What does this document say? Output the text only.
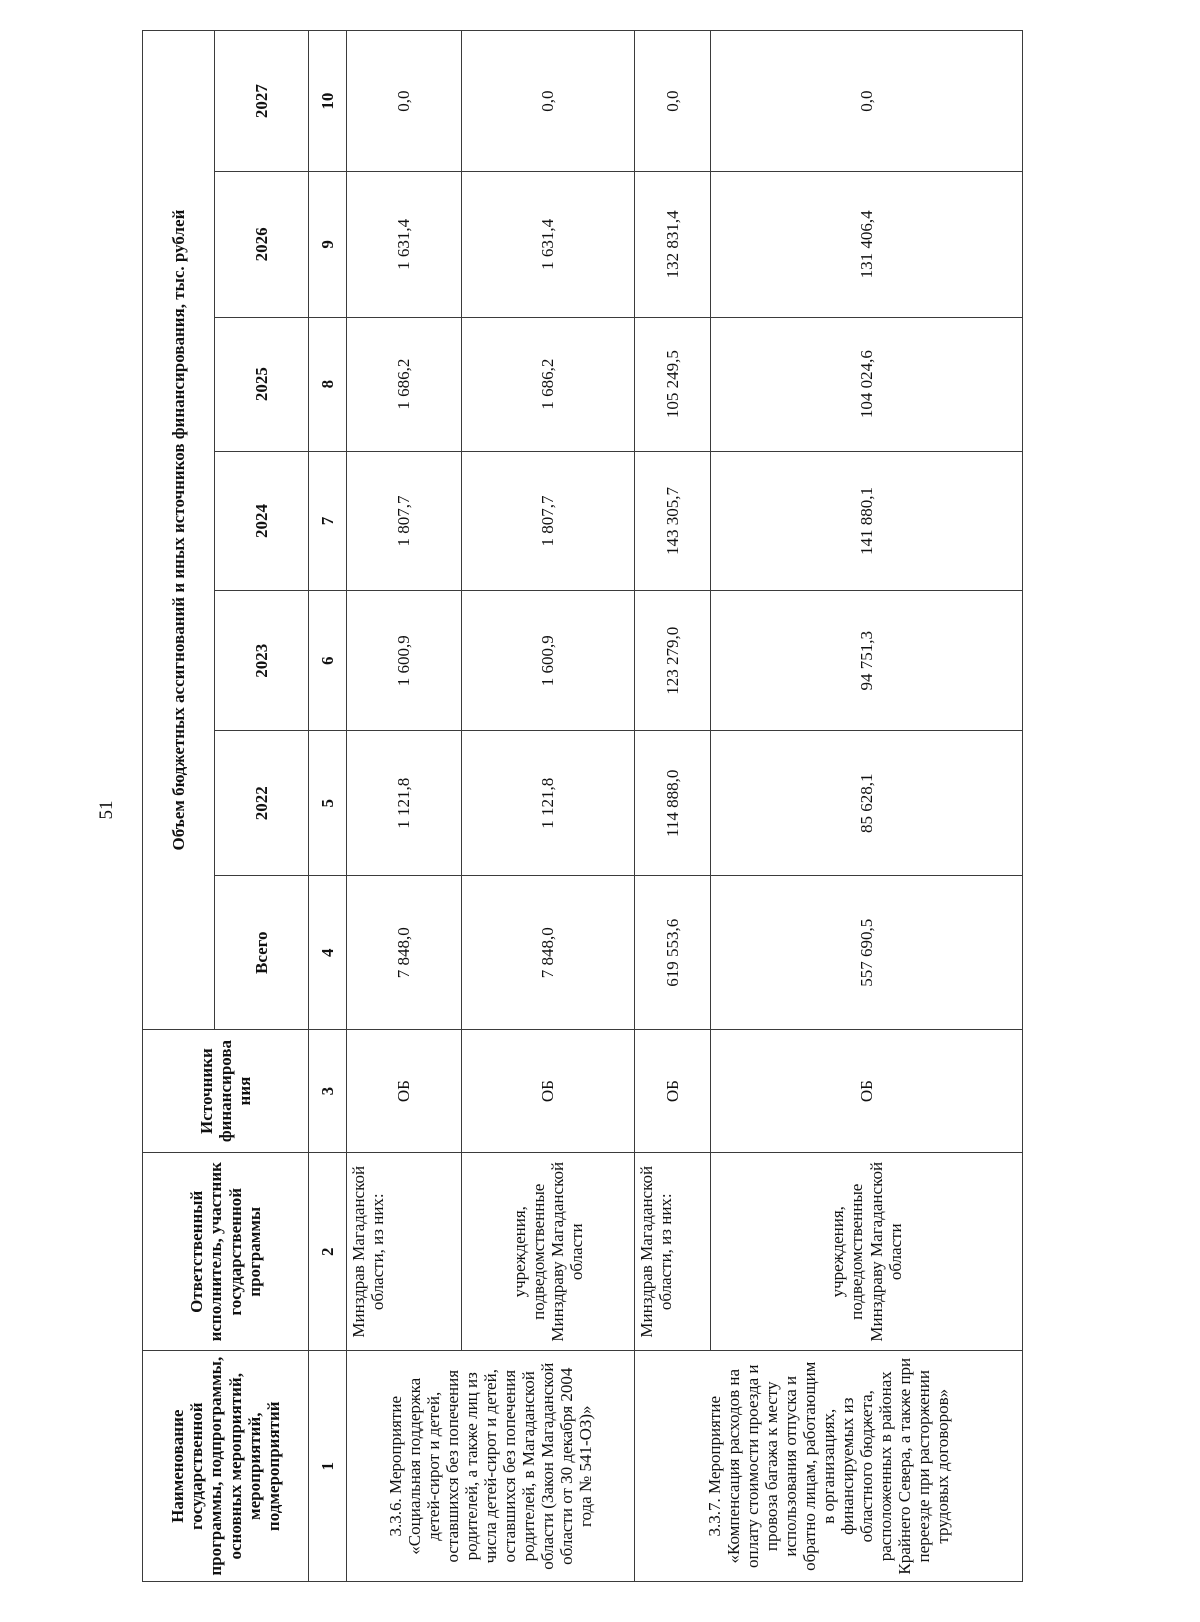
51
Наименование государственной программы, подпрограммы, основных мероприятий, мероприятий, подмероприятий	Ответственный исполнитель, участник государственной программы	Источники финансирова ния	Объем бюджетных ассигнований и иных источников финансирования, тыс. рублей						
			Всего	2022	2023	2024	2025	2026	2027
1	2	3	4	5	6	7	8	9	10
3.3.6. Мероприятие «Социальная поддержка детей-сирот и детей, оставшихся без попечения родителей, а также лиц из числа детей-сирот и детей, оставшихся без попечения родителей, в Магаданской области (Закон Магаданской области от 30 декабря 2004 года № 541-ОЗ)»	Минздрав Магаданской области, из них:	ОБ	7 848,0	1 121,8	1 600,9	1 807,7	1 686,2	1 631,4	0,0
	учреждения, подведомственные Минздраву Магаданской области	ОБ	7 848,0	1 121,8	1 600,9	1 807,7	1 686,2	1 631,4	0,0
3.3.7. Мероприятие «Компенсация расходов на оплату стоимости проезда и провоза багажа к месту использования отпуска и обратно лицам, работающим в организациях, финансируемых из областного бюджета, расположенных в районах Крайнего Севера, а также при переезде при расторжении трудовых договоров»	Минздрав Магаданской области, из них:	ОБ	619 553,6	114 888,0	123 279,0	143 305,7	105 249,5	132 831,4	0,0
	учреждения, подведомственные Минздраву Магаданской области	ОБ	557 690,5	85 628,1	94 751,3	141 880,1	104 024,6	131 406,4	0,0
